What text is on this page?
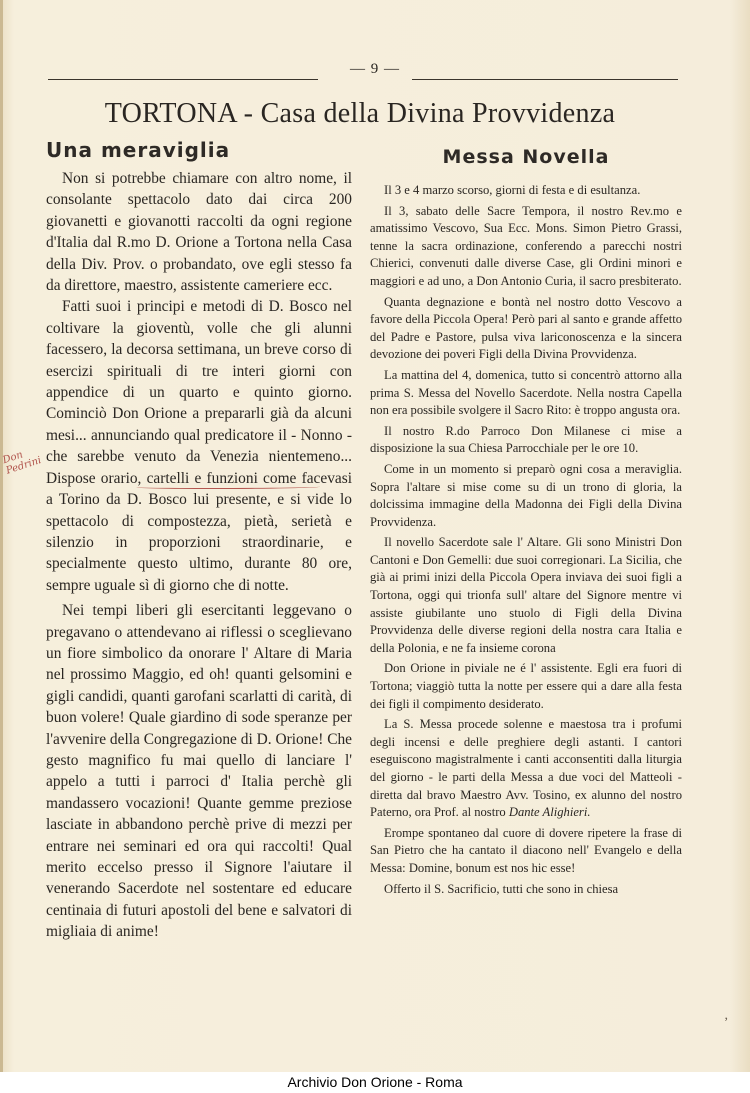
— 9 —
TORTONA - Casa della Divina Provvidenza
Don Pedrini
Una meraviglia

Non si potrebbe chiamare con altro nome, il consolante spettacolo dato dai circa 200 giovanetti e giovanotti raccolti da ogni regione d'Italia dal R.mo D. Orione a Tortona nella Casa della Div. Prov. o probandato, ove egli stesso fa da direttore, maestro, assistente cameriere ecc.

Fatti suoi i principi e metodi di D. Bosco nel coltivare la gioventù, volle che gli alunni facessero, la decorsa settimana, un breve corso di esercizi spirituali di tre interi giorni con appendice di un quarto e quinto giorno. Cominciò Don Orione a prepararli già da alcuni mesi... annunciando qual predicatore il - Nonno - che sarebbe venuto da Venezia nientemeno... Dispose orario, cartelli e funzioni come facevasi a Torino da D. Bosco lui presente, e si vide lo spettacolo di compostezza, pietà, serietà e silenzio in proporzioni straordinarie, e specialmente questo ultimo, durante 80 ore, sempre uguale sì di giorno che di notte.

Nei tempi liberi gli esercitanti leggevano o pregavano o attendevano ai riflessi o sceglievano un fiore simbolico da onorare l' Altare di Maria nel prossimo Maggio, ed oh! quanti gelsomini e gigli candidi, quanti garofani scarlatti di carità, di buon volere! Quale giardino di sode speranze per l'avvenire della Congregazione di D. Orione! Che gesto magnifico fu mai quello di lanciare l' appelo a tutti i parroci d' Italia perchè gli mandassero vocazioni! Quante gemme preziose lasciate in abbandono perchè prive di mezzi per entrare nei seminari ed ora qui raccolti! Qual merito eccelso presso il Signore l'aiutare il venerando Sacerdote nel sostentare ed educare centinaia di futuri apostoli del bene e salvatori di migliaia di anime!

Messa Novella

Il 3 e 4 marzo scorso, giorni di festa e di esultanza.

Il 3, sabato delle Sacre Tempora, il nostro Rev.mo e amatissimo Vescovo, Sua Ecc. Mons. Simon Pietro Grassi, tenne la sacra ordinazione, conferendo a parecchi nostri Chierici, convenuti dalle diverse Case, gli Ordini minori e maggiori e ad uno, a Don Antonio Curia, il sacro presbiterato.

Quanta degnazione e bontà nel nostro dotto Vescovo a favore della Piccola Opera! Però pari al santo e grande affetto del Padre e Pastore, pulsa viva lariconoscenza e la sincera devozione dei poveri Figli della Divina Provvidenza.

La mattina del 4, domenica, tutto si concentrò attorno alla prima S. Messa del Novello Sacerdote. Nella nostra Capella non era possibile svolgere il Sacro Rito: è troppo angusta ora.

Il nostro R.do Parroco Don Milanese ci mise a disposizione la sua Chiesa Parrocchiale per le ore 10.

Come in un momento si preparò ogni cosa a meraviglia. Sopra l'altare si mise come su di un trono di gloria, la dolcissima immagine della Madonna dei Figli della Divina Provvidenza.

Il novello Sacerdote sale l' Altare. Gli sono Ministri Don Cantoni e Don Gemelli: due suoi corregionari. La Sicilia, che già ai primi inizi della Piccola Opera inviava dei suoi figli a Tortona, oggi qui trionfa sull' altare del Signore mentre vi assiste giubilante uno stuolo di Figli della Divina Provvidenza delle diverse regioni della nostra cara Italia e della Polonia, e ne fa insieme corona

Don Orione in piviale ne é l' assistente. Egli era fuori di Tortona; viaggiò tutta la notte per essere qui a dare alla festa dei figli il compimento desiderato.

La S. Messa procede solenne e maestosa tra i profumi degli incensi e delle preghiere degli astanti. I cantori eseguiscono magistralmente i canti acconsentiti dalla liturgia del giorno - le parti della Messa a due voci del Matteoli - diretta dal bravo Maestro Avv. Tosino, ex alunno del nostro Paterno, ora Prof. al nostro Dante Alighieri.

Erompe spontaneo dal cuore di dovere ripetere la frase di San Pietro che ha cantato il diacono nell' Evangelo e della Messa: Domine, bonum est nos hic esse!

Offerto il S. Sacrificio, tutti che sono in chiesa

,
Archivio Don Orione - Roma
